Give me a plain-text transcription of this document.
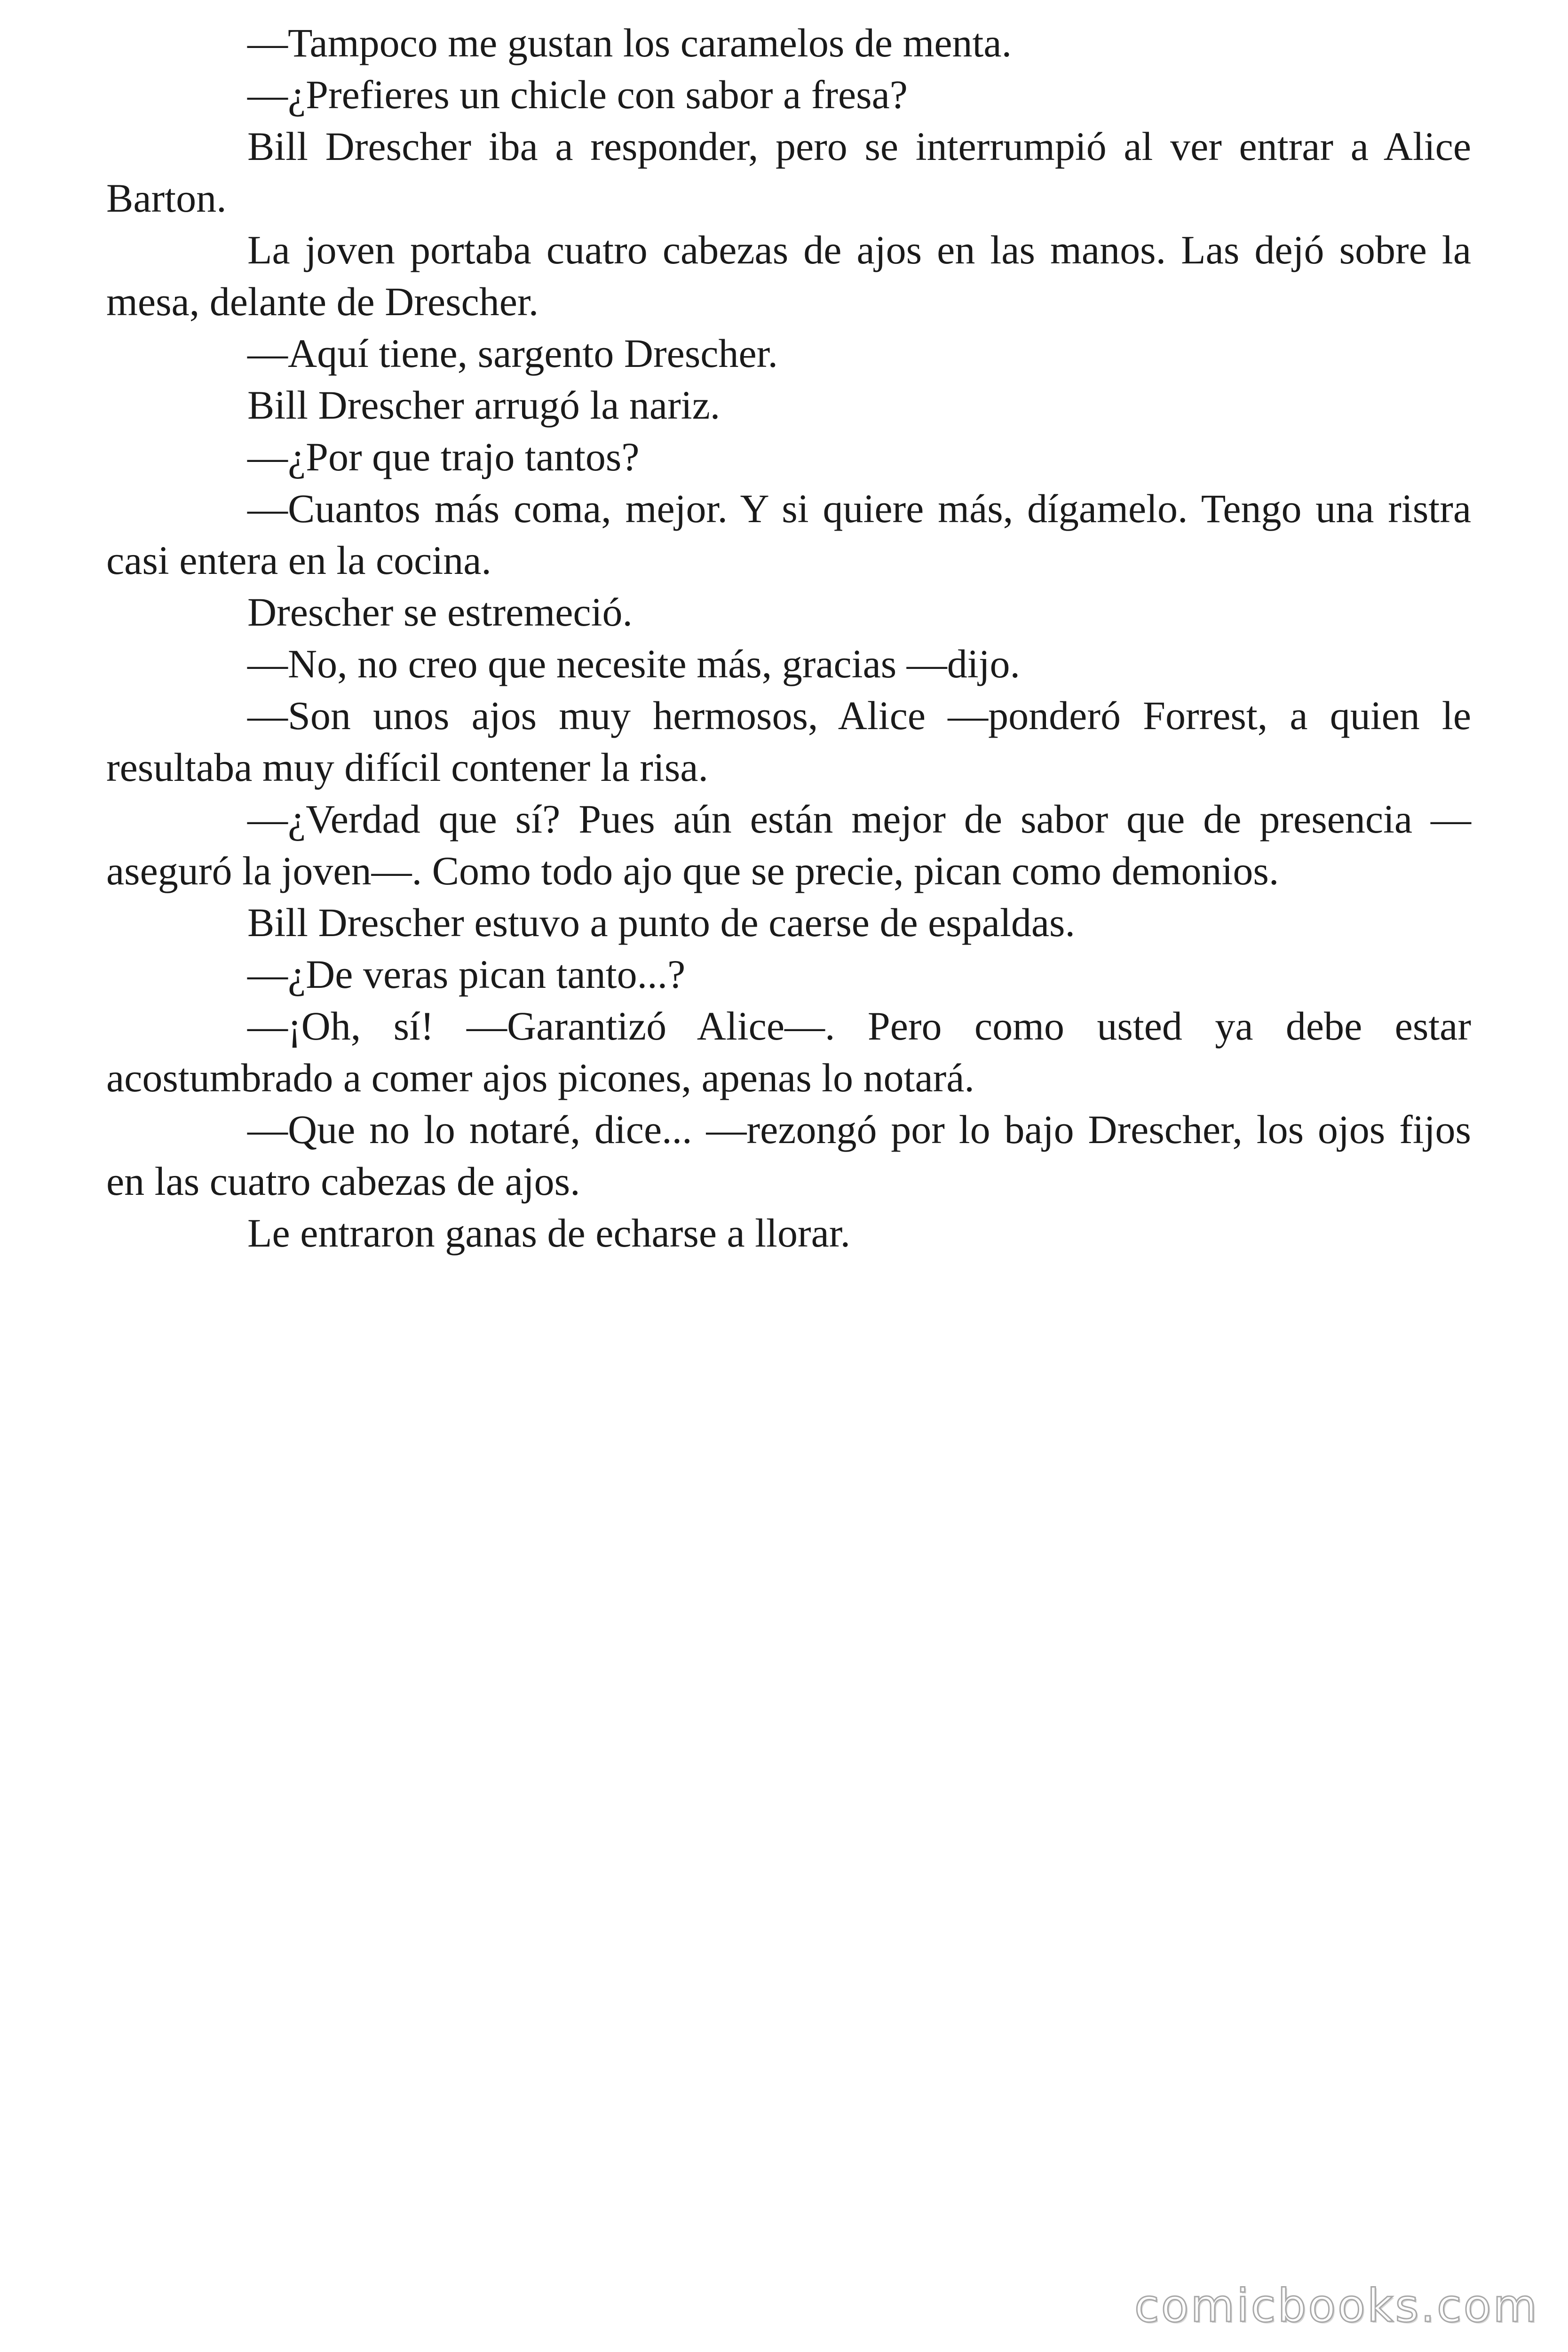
—Tampoco me gustan los caramelos de menta.

—¿Prefieres un chicle con sabor a fresa?

Bill Drescher iba a responder, pero se interrumpió al ver entrar a Alice Barton.

La joven portaba cuatro cabezas de ajos en las manos. Las dejó sobre la mesa, delante de Drescher.

—Aquí tiene, sargento Drescher.

Bill Drescher arrugó la nariz.

—¿Por que trajo tantos?

—Cuantos más coma, mejor. Y si quiere más, dígamelo. Tengo una ristra casi entera en la cocina.

Drescher se estremeció.

—No, no creo que necesite más, gracias —dijo.

—Son unos ajos muy hermosos, Alice —ponderó Forrest, a quien le resultaba muy difícil contener la risa.

—¿Verdad que sí? Pues aún están mejor de sabor que de presencia —aseguró la joven—. Como todo ajo que se precie, pican como demonios.

Bill Drescher estuvo a punto de caerse de espaldas.

—¿De veras pican tanto...?

—¡Oh, sí! —Garantizó Alice—. Pero como usted ya debe estar acostumbrado a comer ajos picones, apenas lo notará.

—Que no lo notaré, dice... —rezongó por lo bajo Drescher, los ojos fijos en las cuatro cabezas de ajos.

Le entraron ganas de echarse a llorar.

comicbooks.com
